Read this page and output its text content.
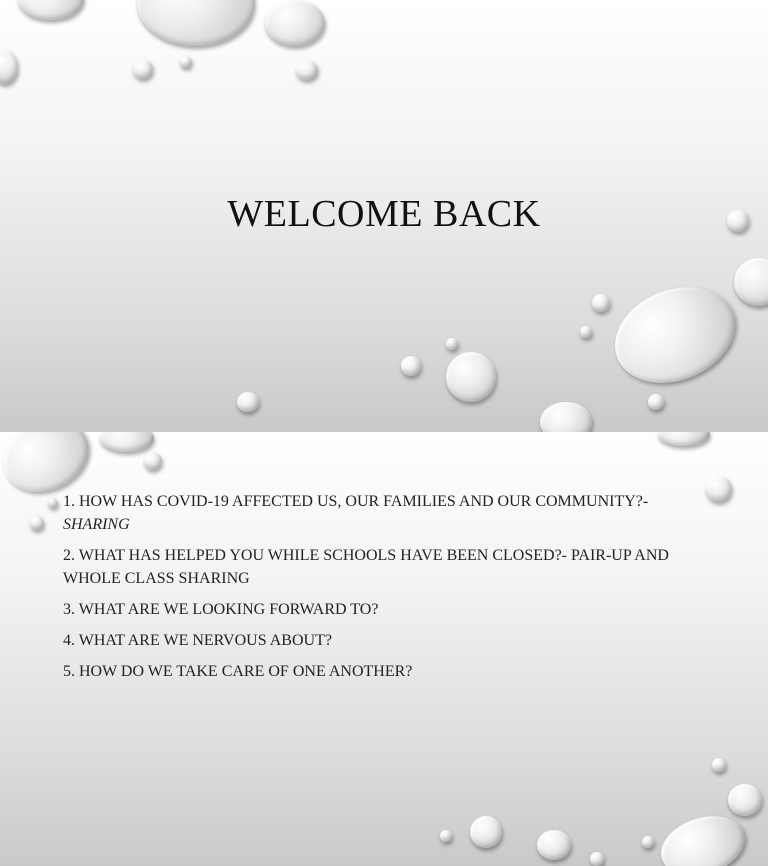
WELCOME BACK
1. HOW HAS COVID-19 AFFECTED US, OUR FAMILIES AND OUR COMMUNITY?-
SHARING
2. WHAT HAS HELPED YOU WHILE SCHOOLS HAVE BEEN CLOSED?- PAIR-UP AND WHOLE CLASS SHARING
3. WHAT ARE WE LOOKING FORWARD TO?
4. WHAT ARE WE NERVOUS ABOUT?
5. HOW DO WE TAKE CARE OF ONE ANOTHER?
